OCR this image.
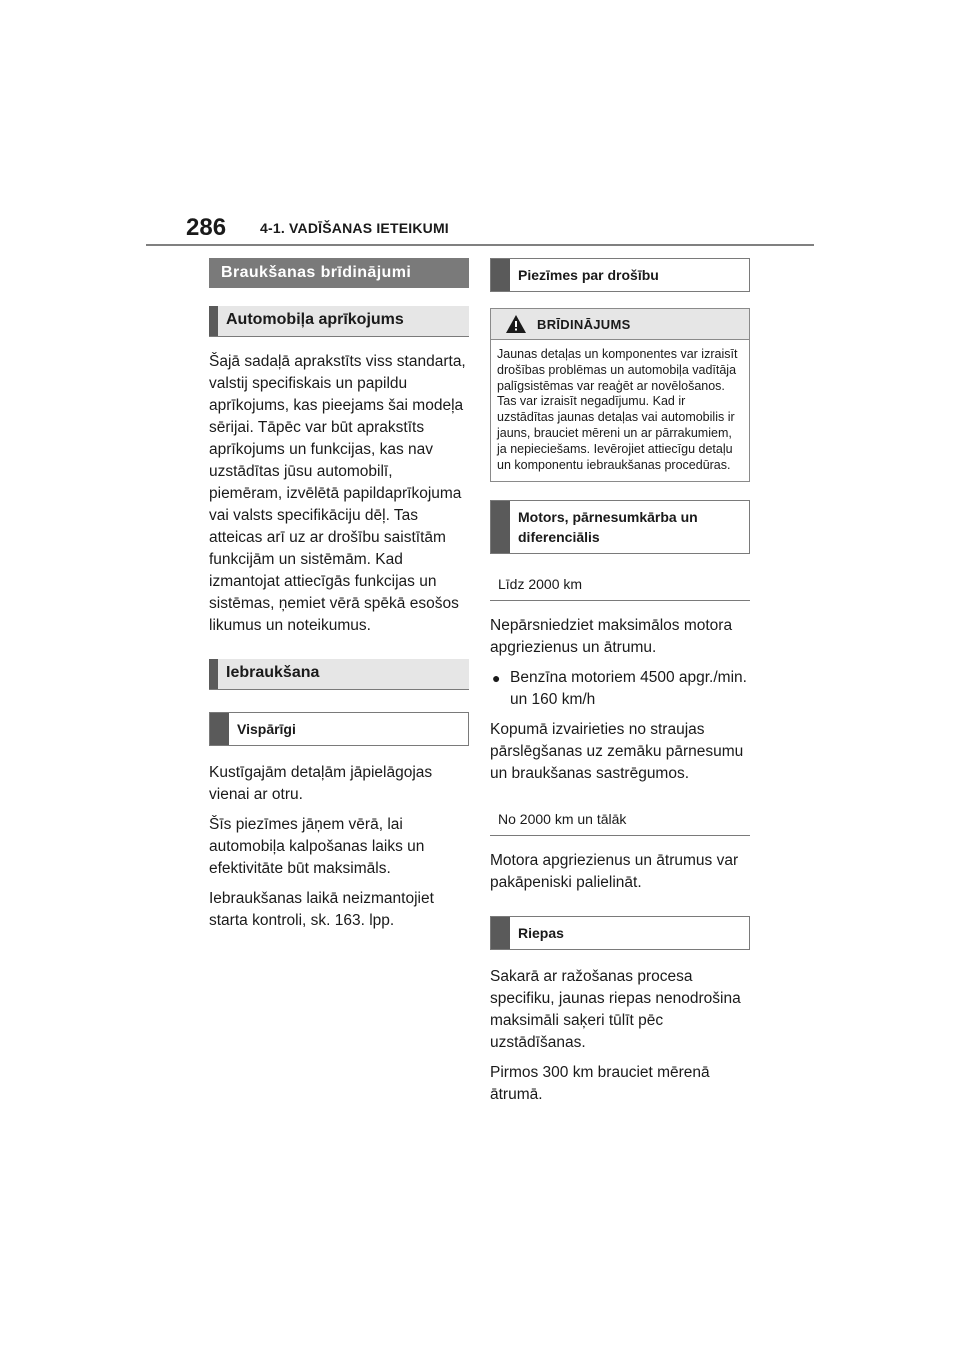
286 4-1. VADĪŠANAS IETEIKUMI
Braukšanas brīdinājumi
Automobiļa aprīkojums

Šajā sadaļā aprakstīts viss standarta, valstij specifiskais un papildu aprīkojums, kas pieejams šai modeļa sērijai. Tāpēc var būt aprakstīts aprīkojums un funkcijas, kas nav uzstādītas jūsu automobilī, piemēram, izvēlētā papildaprīkojuma vai valsts specifikāciju dēļ. Tas atteicas arī uz ar drošību saistītām funkcijām un sistēmām. Kad izmantojat attiecīgās funkcijas un sistēmas, ņemiet vērā spēkā esošos likumus un noteikumus.

Iebraukšana
Vispārīgi

Kustīgajām detaļām jāpielāgojas vienai ar otru.

Šīs piezīmes jāņem vērā, lai automobiļa kalpošanas laiks un efektivitāte būt maksimāls.

Iebraukšanas laikā neizmantojiet starta kontroli, sk. 163. lpp.

Piezīmes par drošību
BRĪDINĀJUMS
Jaunas detaļas un komponentes var izraisīt drošības problēmas un automobiļa vadītāja palīgsistēmas var reaģēt ar novēlošanos. Tas var izraisīt negadījumu. Kad ir uzstādītas jaunas detaļas vai automobilis ir jauns, brauciet mēreni un ar pārrakumiem, ja nepieciešams. Ievērojiet attiecīgu detaļu un komponentu iebraukšanas procedūras.
Motors, pārnesumkārba un diferenciālis
Līdz 2000 km

Nepārsniedziet maksimālos motora apgriezienus un ātrumu.

● Benzīna motoriem 4500 apgr./min. un 160 km/h

Kopumā izvairieties no straujas pārslēgšanas uz zemāku pārnesumu un braukšanas sastrēgumos.

No 2000 km un tālāk

Motora apgriezienus un ātrumus var pakāpeniski palielināt.

Riepas

Sakarā ar ražošanas procesa specifiku, jaunas riepas nenodrošina maksimāli saķeri tūlīt pēc uzstādīšanas.

Pirmos 300 km brauciet mērenā ātrumā.
